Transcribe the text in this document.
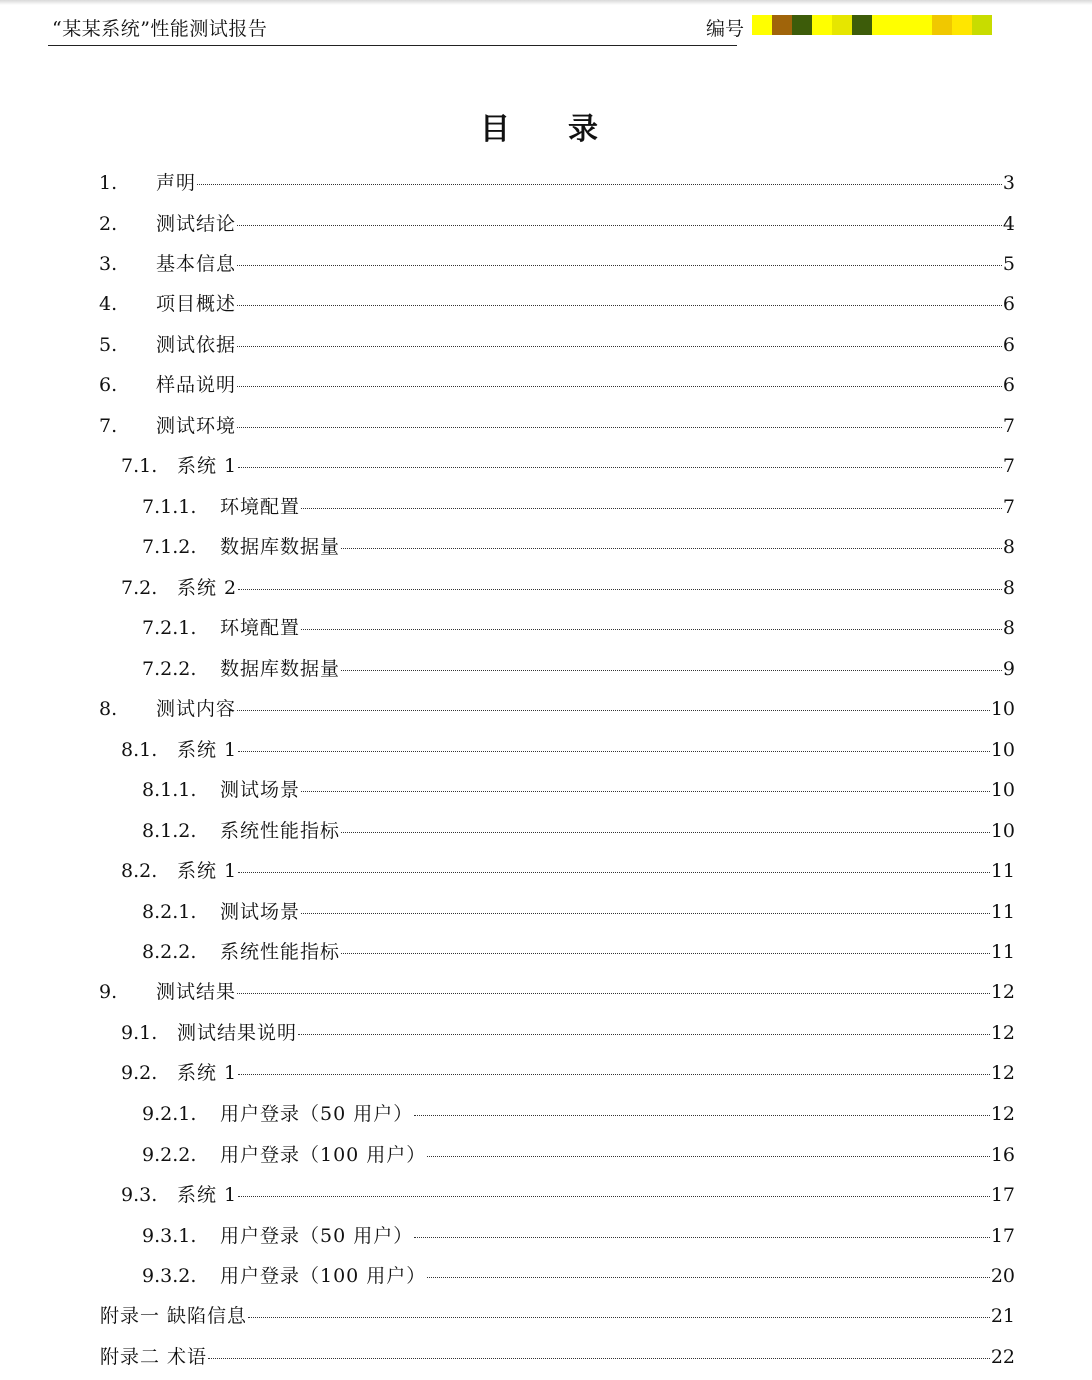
“某某系统”性能测试报告	编号
目录
1. 声明	3
2. 测试结论	4
3. 基本信息	5
4. 项目概述	6
5. 测试依据	6
6. 样品说明	6
7. 测试环境	7
7.1. 系统 1	7
7.1.1. 环境配置	7
7.1.2. 数据库数据量	8
7.2. 系统 2	8
7.2.1. 环境配置	8
7.2.2. 数据库数据量	9
8. 测试内容	10
8.1. 系统 1	10
8.1.1. 测试场景	10
8.1.2. 系统性能指标	10
8.2. 系统 1	11
8.2.1. 测试场景	11
8.2.2. 系统性能指标	11
9. 测试结果	12
9.1. 测试结果说明	12
9.2. 系统 1	12
9.2.1. 用户登录（50 用户）	12
9.2.2. 用户登录（100 用户）	16
9.3. 系统 1	17
9.3.1. 用户登录（50 用户）	17
9.3.2. 用户登录（100 用户）	20
附录一 缺陷信息	21
附录二 术语	22
